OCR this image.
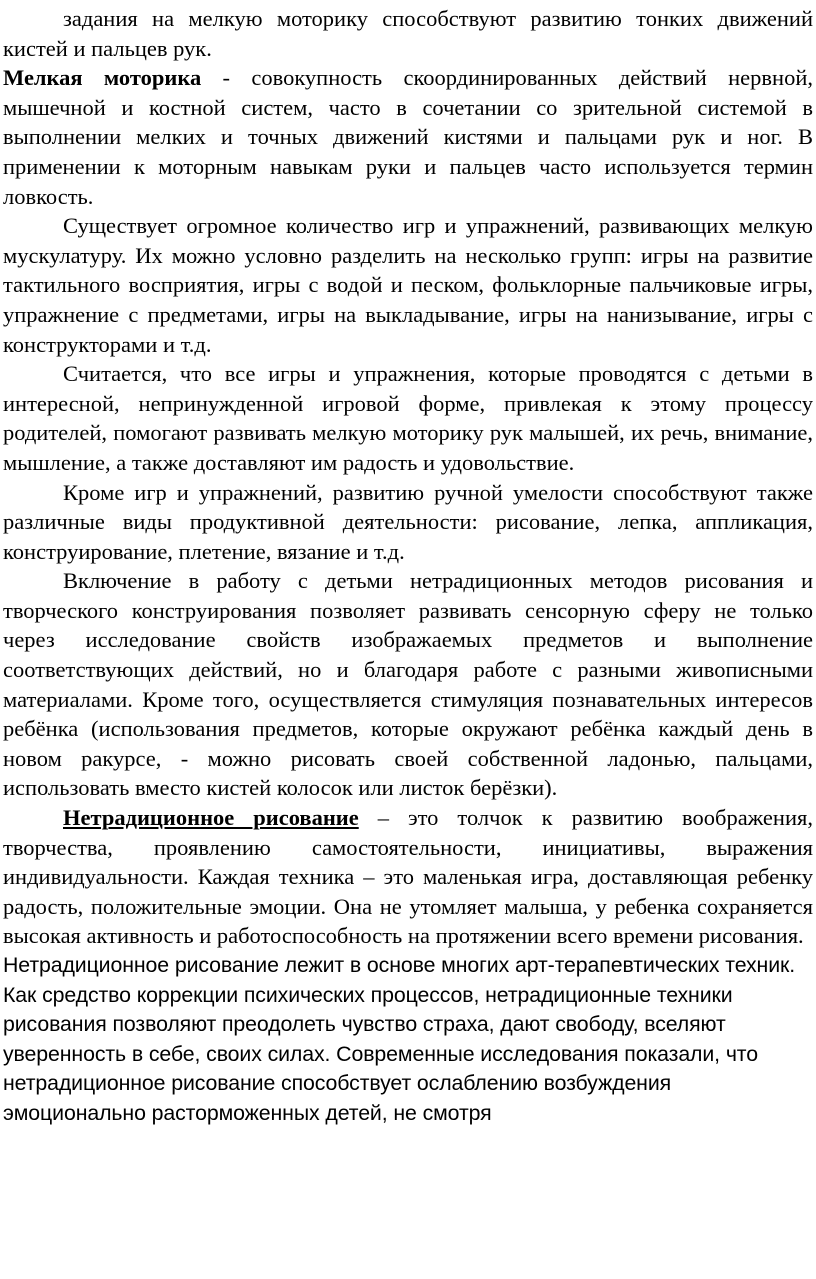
задания на мелкую моторику способствуют развитию тонких движений кистей и пальцев рук.

Мелкая моторика - совокупность скоординированных действий нервной, мышечной и костной систем, часто в сочетании со зрительной системой в выполнении мелких и точных движений кистями и пальцами рук и ног. В применении к моторным навыкам руки и пальцев часто используется термин ловкость.

Существует огромное количество игр и упражнений, развивающих мелкую мускулатуру. Их можно условно разделить на несколько групп: игры на развитие тактильного восприятия, игры с водой и песком, фольклорные пальчиковые игры, упражнение с предметами, игры на выкладывание, игры на нанизывание, игры с конструкторами и т.д.

Считается, что все игры и упражнения, которые проводятся с детьми в интересной, непринужденной игровой форме, привлекая к этому процессу родителей, помогают развивать мелкую моторику рук малышей, их речь, внимание, мышление, а также доставляют им радость и удовольствие.

Кроме игр и упражнений, развитию ручной умелости способствуют также различные виды продуктивной деятельности: рисование, лепка, аппликация, конструирование, плетение, вязание и т.д.

Включение в работу с детьми нетрадиционных методов рисования и творческого конструирования позволяет развивать сенсорную сферу не только через исследование свойств изображаемых предметов и выполнение соответствующих действий, но и благодаря работе с разными живописными материалами. Кроме того, осуществляется стимуляция познавательных интересов ребёнка (использования предметов, которые окружают ребёнка каждый день в новом ракурсе, - можно рисовать своей собственной ладонью, пальцами, использовать вместо кистей колосок или листок берёзки).

Нетрадиционное рисование – это толчок к развитию воображения, творчества, проявлению самостоятельности, инициативы, выражения индивидуальности. Каждая техника – это маленькая игра, доставляющая ребенку радость, положительные эмоции. Она не утомляет малыша, у ребенка сохраняется высокая активность и работоспособность на протяжении всего времени рисования.

Нетрадиционное рисование лежит в основе многих арт-терапевтических техник. Как средство коррекции психических процессов, нетрадиционные техники рисования позволяют преодолеть чувство страха, дают свободу, вселяют уверенность в себе, своих силах. Современные исследования показали, что нетрадиционное рисование способствует ослаблению возбуждения эмоционально расторможенных детей, не смотря
